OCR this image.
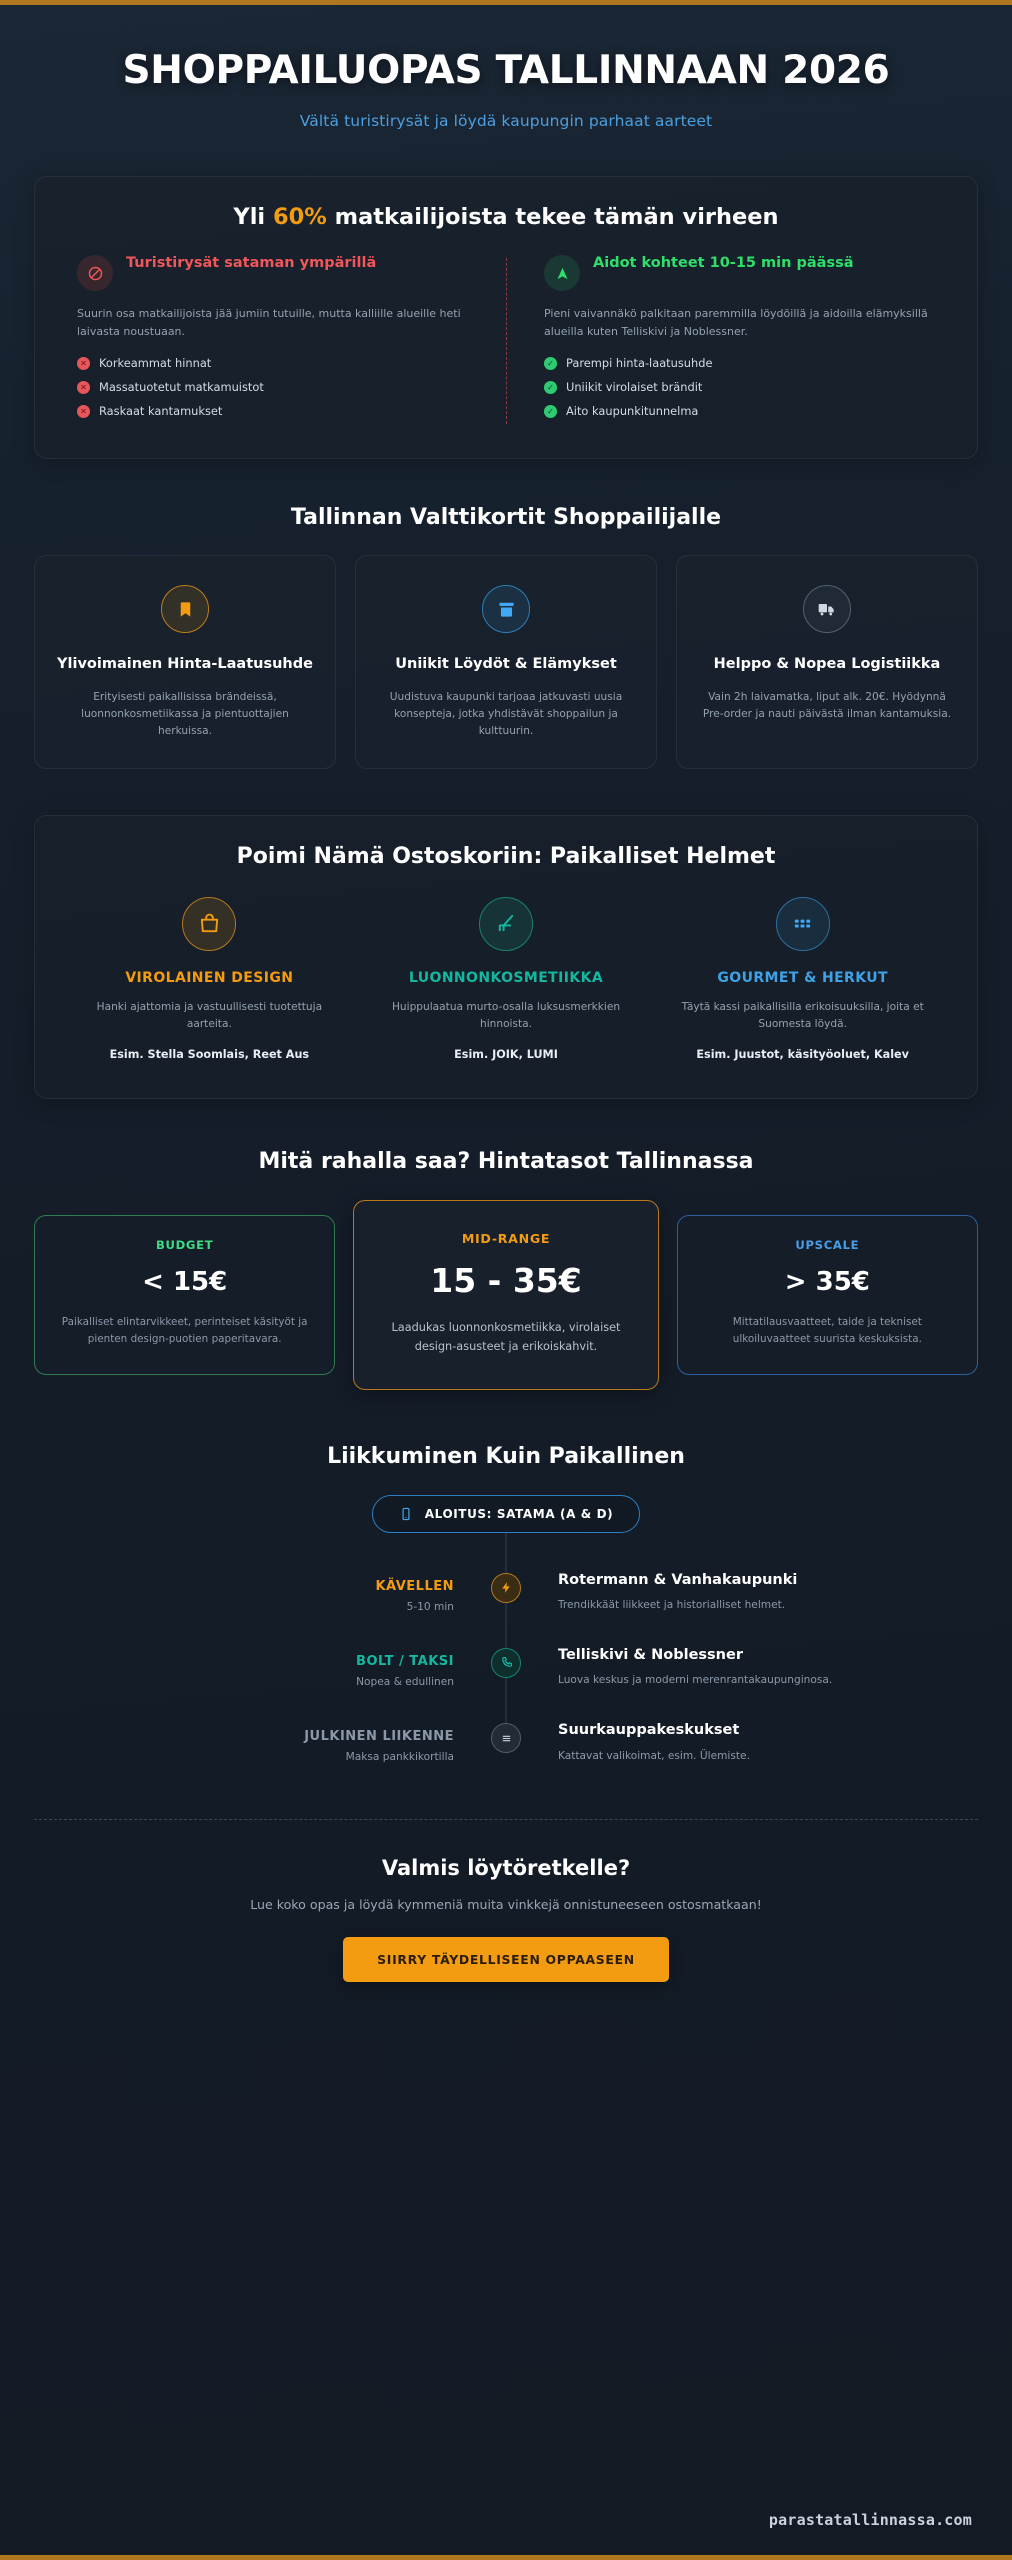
SHOPPAILUOPAS TALLINNAAN 2026
Vältä turistirysät ja löydä kaupungin parhaat aarteet
Yli 60% matkailijoista tekee tämän virheen
Turistirysät sataman ympärillä
Suurin osa matkailijoista jää jumiin tutuille, mutta kalliille alueille heti laivasta noustuaan.
✕ Korkeammat hinnat
✕ Massatuotetut matkamuistot
✕ Raskaat kantamukset
Aidot kohteet 10-15 min päässä
Pieni vaivannäkö palkitaan paremmilla löydöillä ja aidoilla elämyksillä alueilla kuten Telliskivi ja Noblessner.
✓ Parempi hinta-laatusuhde
✓ Uniikit virolaiset brändit
✓ Aito kaupunkitunnelma
Tallinnan Valttikortit Shoppailijalle
Ylivoimainen Hinta-Laatusuhde

Erityisesti paikallisissa brändeissä, luonnonkosmetiikassa ja pientuottajien herkuissa.

Uniikit Löydöt & Elämykset

Uudistuva kaupunki tarjoaa jatkuvasti uusia konsepteja, jotka yhdistävät shoppailun ja kulttuurin.

Helppo & Nopea Logistiikka

Vain 2h laivamatka, liput alk. 20€. Hyödynnä Pre-order ja nauti päivästä ilman kantamuksia.

Poimi Nämä Ostoskoriin: Paikalliset Helmet
VIROLAINEN DESIGN
Hanki ajattomia ja vastuullisesti tuotettuja aarteita.
Esim. Stella Soomlais, Reet Aus
LUONNONKOSMETIIKKA
Huippulaatua murto-osalla luksusmerkkien hinnoista.
Esim. JOIK, LUMI
GOURMET & HERKUT
Täytä kassi paikallisilla erikoisuuksilla, joita et Suomesta löydä.
Esim. Juustot, käsityöoluet, Kalev
Mitä rahalla saa? Hintatasot Tallinnassa
BUDGET
< 15€
Paikalliset elintarvikkeet, perinteiset käsityöt ja pienten design-puotien paperitavara.
MID-RANGE
15 - 35€
Laadukas luonnonkosmetiikka, virolaiset design-asusteet ja erikoiskahvit.
UPSCALE
> 35€
Mittatilausvaatteet, taide ja tekniset ulkoiluvaatteet suurista keskuksista.
Liikkuminen Kuin Paikallinen
ALOITUS: SATAMA (A & D)
KÄVELLEN
5-10 min
Rotermann & Vanhakaupunki
Trendikkäät liikkeet ja historialliset helmet.
BOLT / TAKSI
Nopea & edullinen
Telliskivi & Noblessner
Luova keskus ja moderni merenrantakaupunginosa.
JULKINEN LIIKENNE
Maksa pankkikortilla
Suurkauppakeskukset
Kattavat valikoimat, esim. Ülemiste.
Valmis löytöretkelle?

Lue koko opas ja löydä kymmeniä muita vinkkejä onnistuneeseen ostosmatkaan!

SIIRRY TÄYDELLISEEN OPPAASEEN
parastatallinnassa.com
